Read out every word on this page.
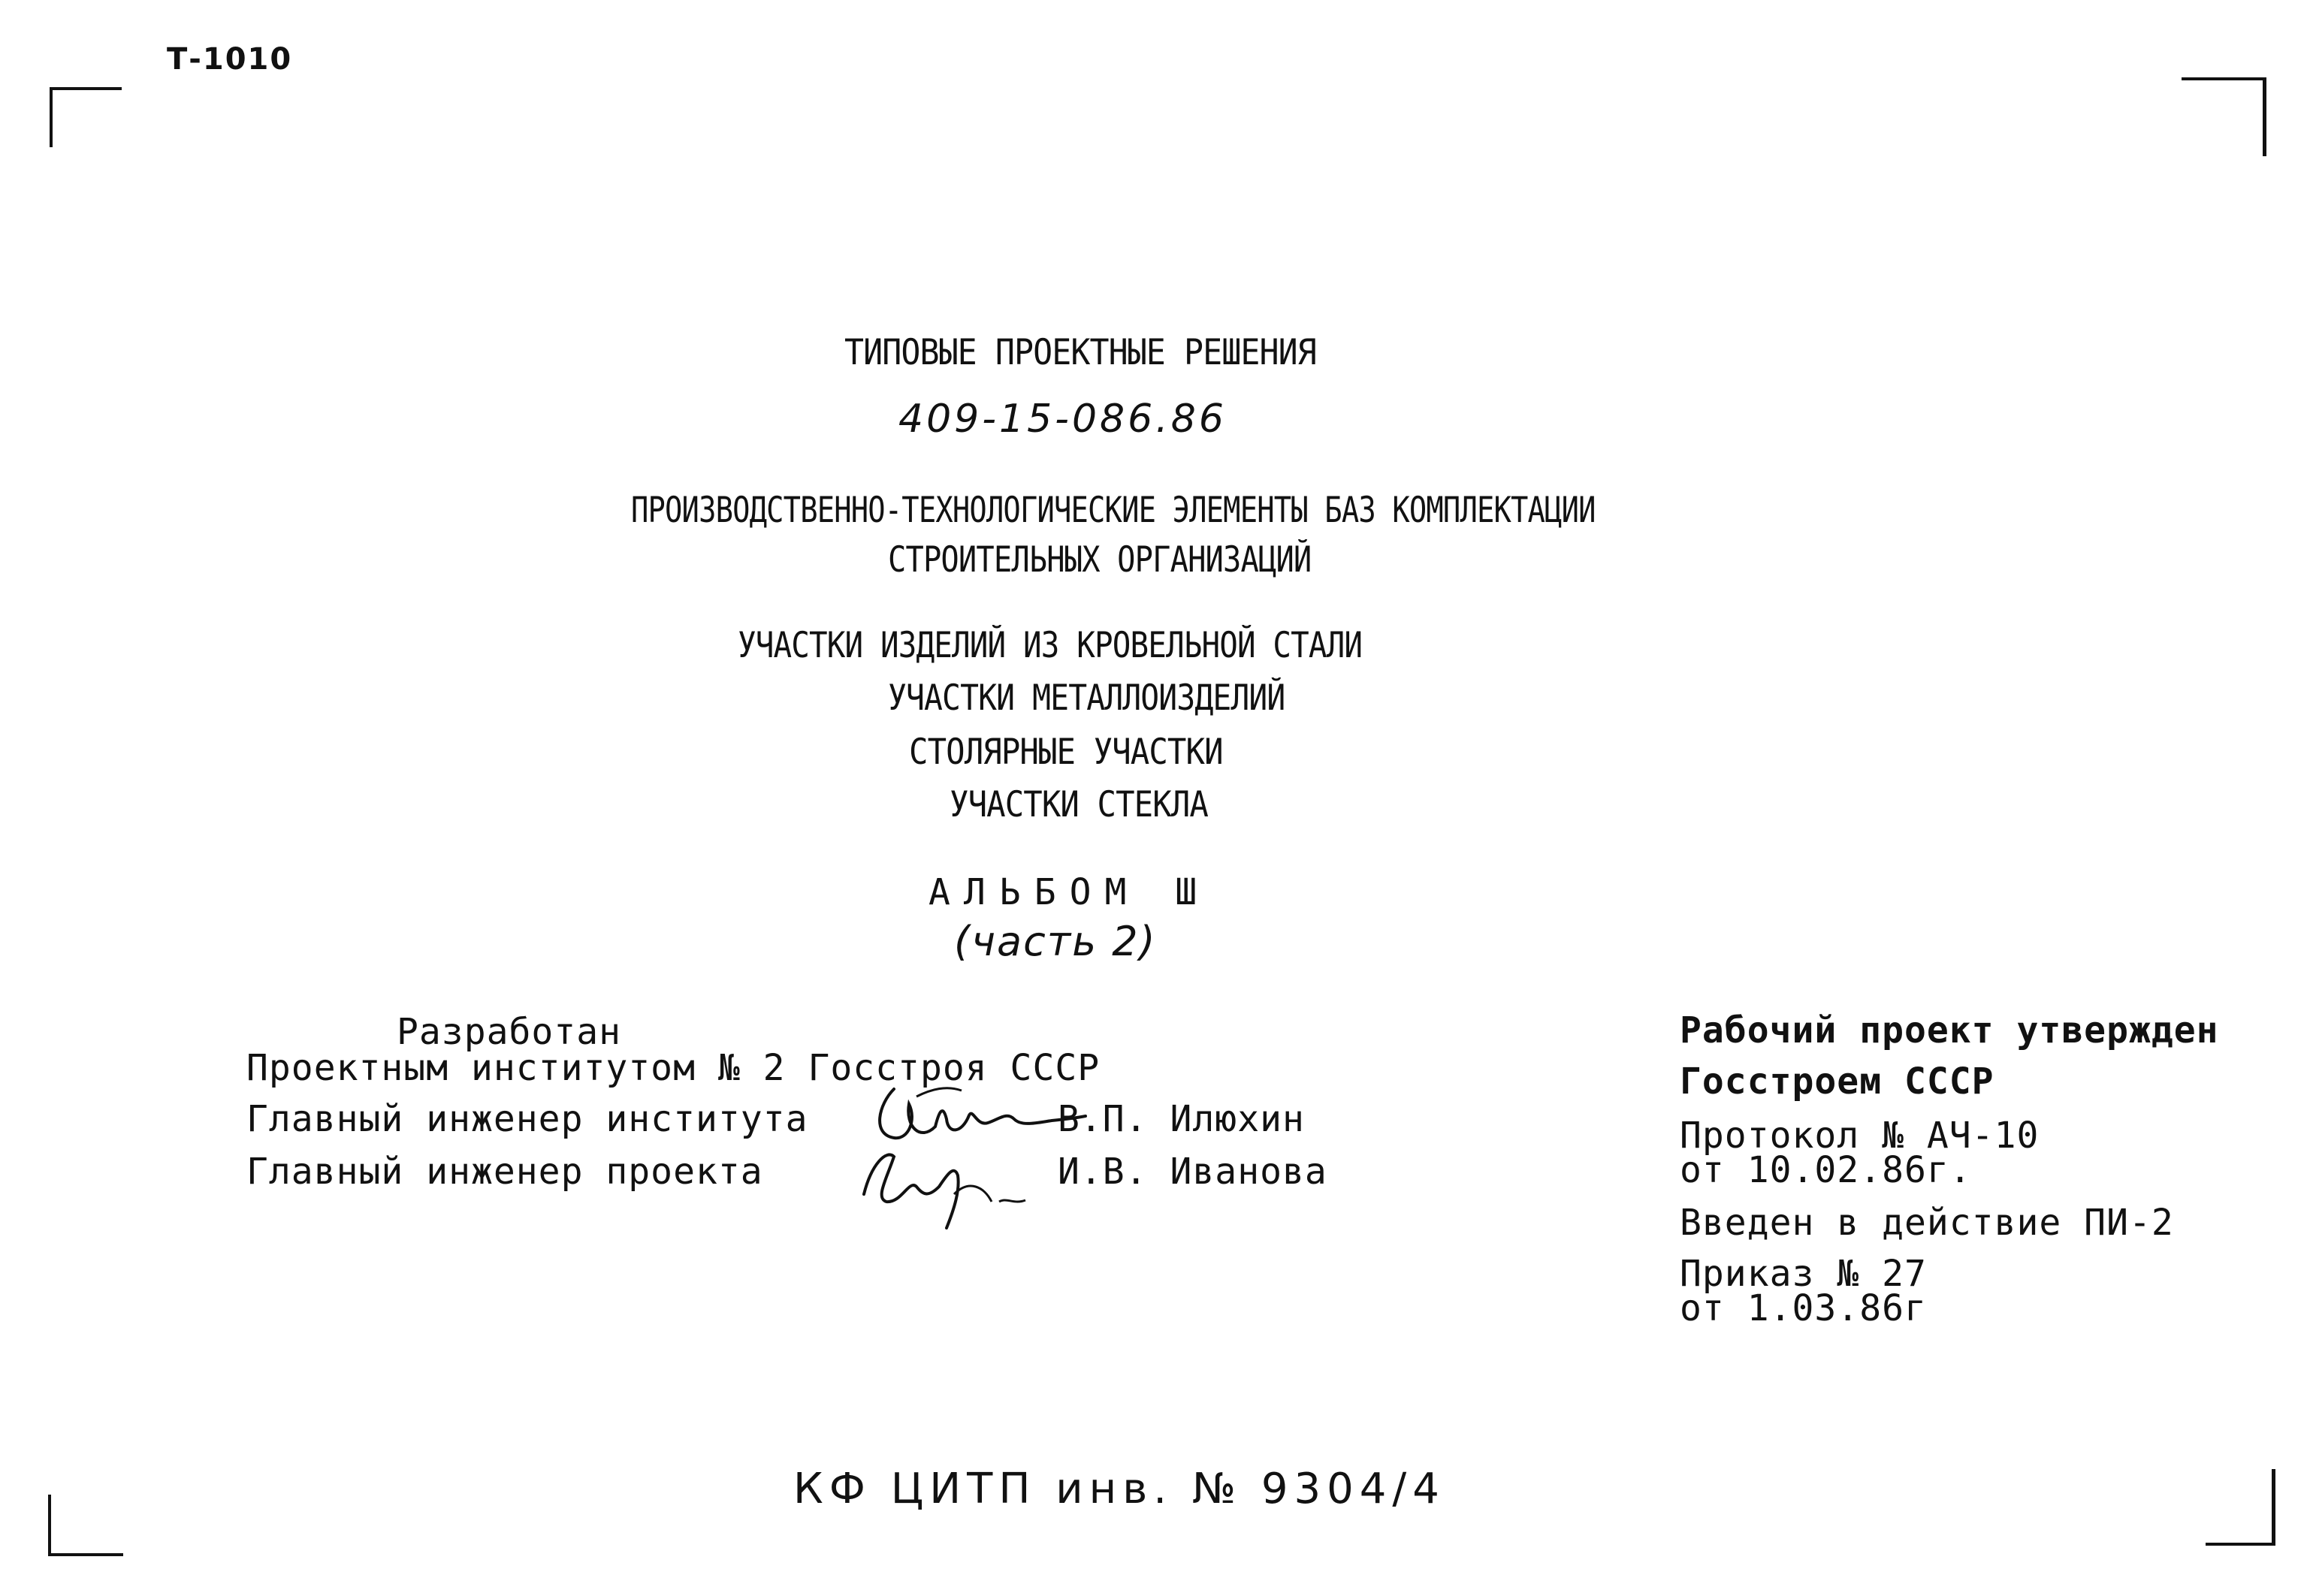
Т-1010
ТИПОВЫЕ ПРОЕКТНЫЕ РЕШЕНИЯ
409-15-086.86
ПРОИЗВОДСТВЕННО-ТЕХНОЛОГИЧЕСКИЕ ЭЛЕМЕНТЫ БАЗ КОМПЛЕКТАЦИИ
СТРОИТЕЛЬНЫХ ОРГАНИЗАЦИЙ
УЧАСТКИ ИЗДЕЛИЙ ИЗ КРОВЕЛЬНОЙ СТАЛИ
УЧАСТКИ МЕТАЛЛОИЗДЕЛИЙ
СТОЛЯРНЫЕ УЧАСТКИ
УЧАСТКИ СТЕКЛА
АЛЬБОМ Ш
(часть 2)
Разработан
Проектным институтом № 2 Госстроя СССР
Главный инженер института	В.П. Илюхин
Главный инженер проекта	И.В. Иванова
Рабочий проект утвержден
Госстроем СССР
Протокол № АЧ-10
от 10.02.86г.
Введен в действие ПИ-2
Приказ № 27
от 1.03.86г
КФ ЦИТП инв. № 9304/4
